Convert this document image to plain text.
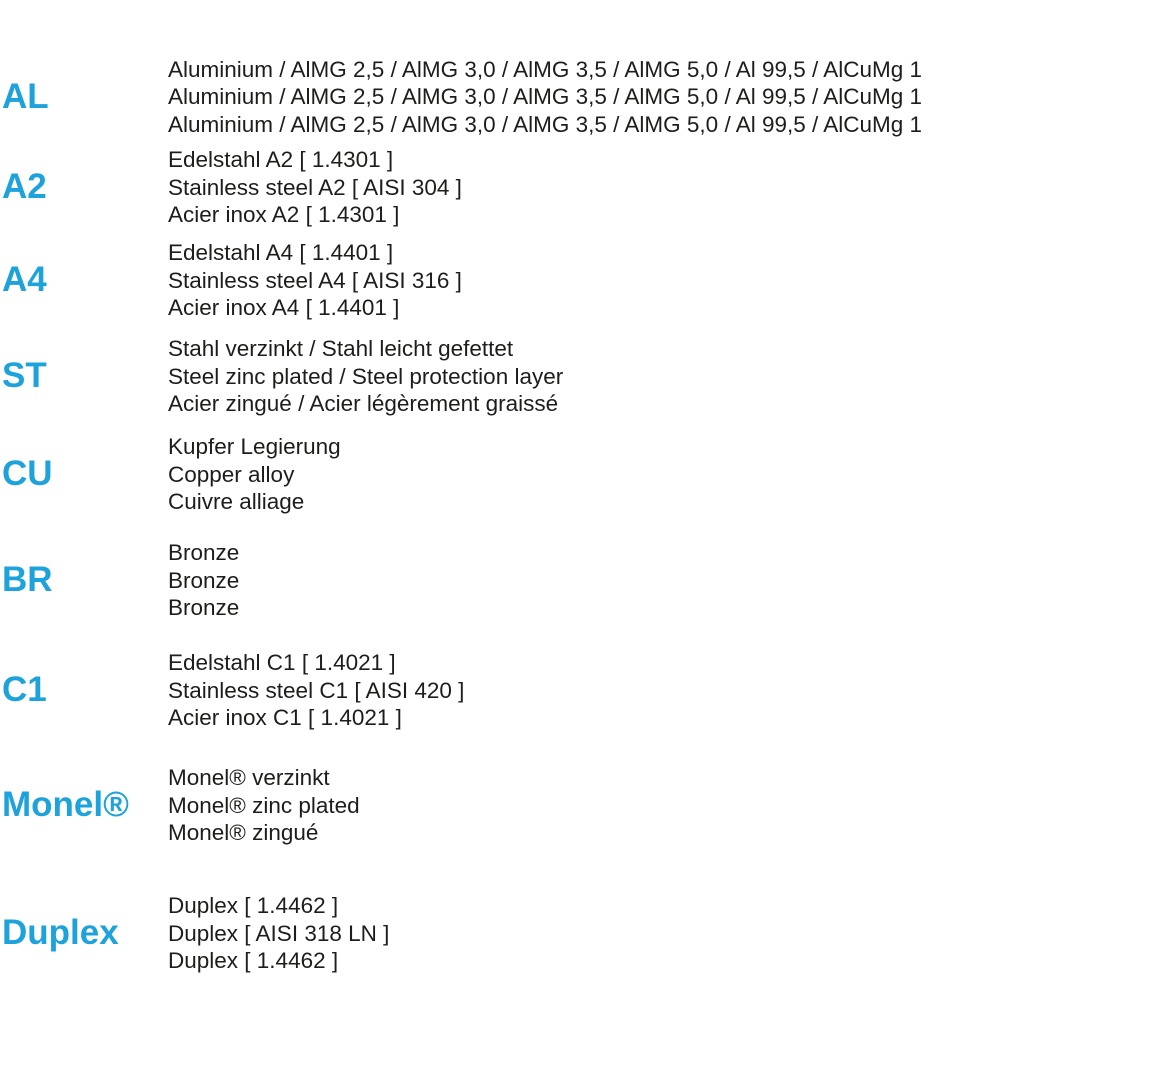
AL
Aluminium / AlMG 2,5 / AlMG 3,0 / AlMG 3,5 / AlMG 5,0 / Al 99,5 / AlCuMg 1
Aluminium / AlMG 2,5 / AlMG 3,0 / AlMG 3,5 / AlMG 5,0 / Al 99,5 / AlCuMg 1
Aluminium / AlMG 2,5 / AlMG 3,0 / AlMG 3,5 / AlMG 5,0 / Al 99,5 / AlCuMg 1
A2
Edelstahl A2 [ 1.4301 ]
Stainless steel A2 [ AISI 304 ]
Acier inox A2 [ 1.4301 ]
A4
Edelstahl A4 [ 1.4401 ]
Stainless steel A4 [ AISI 316 ]
Acier inox A4 [ 1.4401 ]
ST
Stahl verzinkt / Stahl leicht gefettet
Steel zinc plated / Steel protection layer
Acier zingué / Acier légèrement graissé
CU
Kupfer Legierung
Copper alloy
Cuivre alliage
BR
Bronze
Bronze
Bronze
C1
Edelstahl C1 [ 1.4021 ]
Stainless steel C1 [ AISI 420 ]
Acier inox C1 [ 1.4021 ]
Monel®
Monel® verzinkt
Monel® zinc plated
Monel® zingué
Duplex
Duplex [ 1.4462 ]
Duplex [ AISI 318 LN ]
Duplex [ 1.4462 ]
